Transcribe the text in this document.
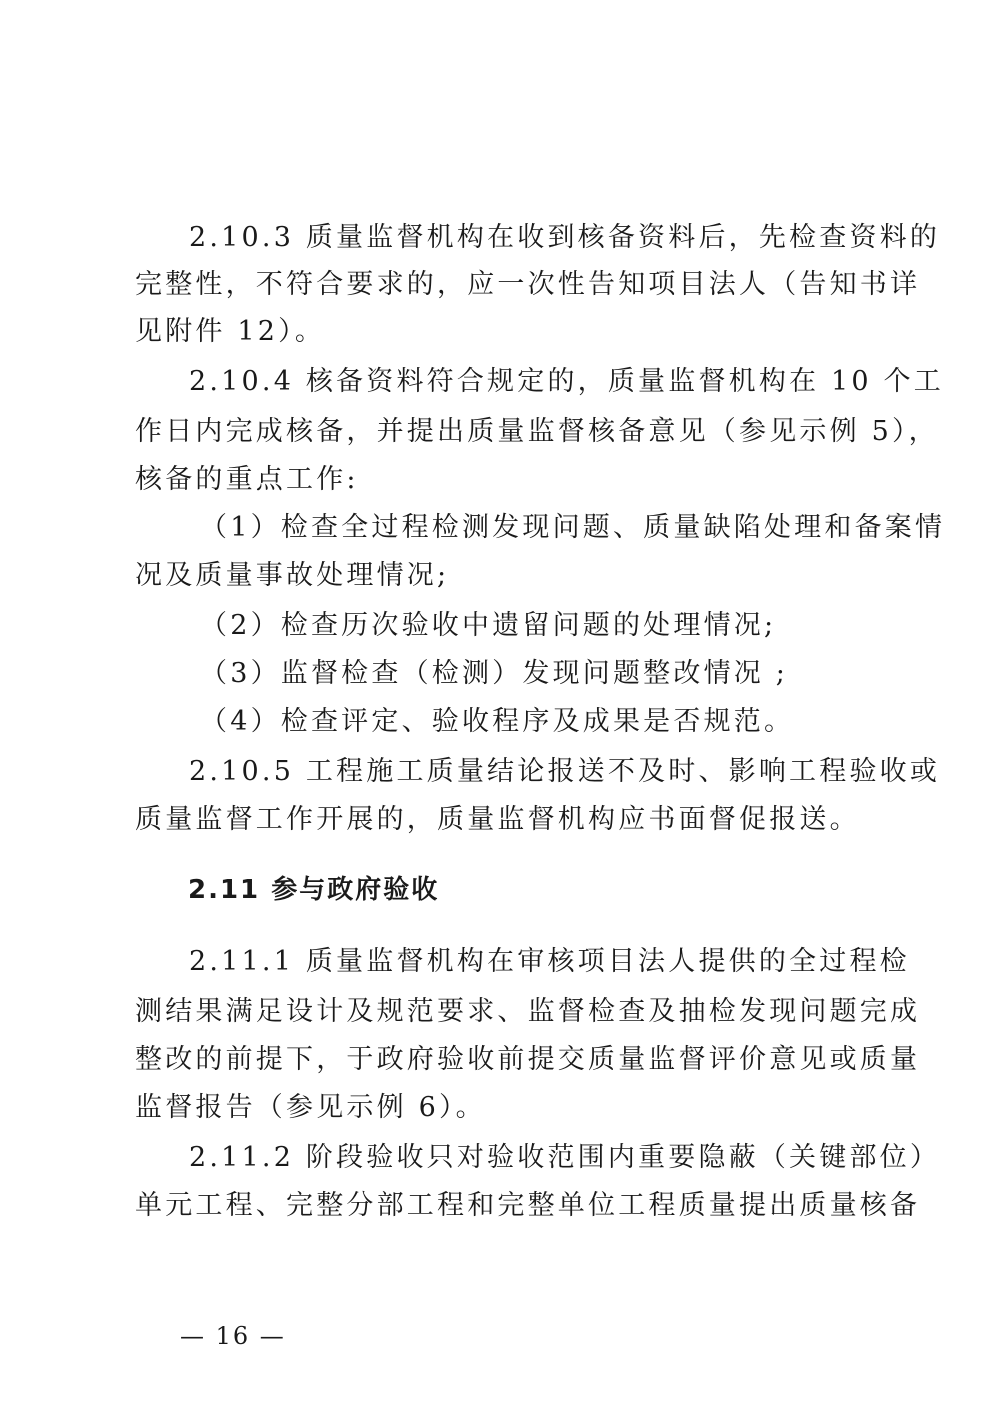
2.10.3 质量监督机构在收到核备资料后，先检查资料的
完整性，不符合要求的，应一次性告知项目法人（告知书详
见附件 12）。
2.10.4 核备资料符合规定的，质量监督机构在 10 个工
作日内完成核备，并提出质量监督核备意见（参见示例 5），
核备的重点工作:
（1）检查全过程检测发现问题、质量缺陷处理和备案情
况及质量事故处理情况;
（2）检查历次验收中遗留问题的处理情况;
（3）监督检查（检测）发现问题整改情况 ;
（4）检查评定、验收程序及成果是否规范。
2.10.5 工程施工质量结论报送不及时、影响工程验收或
质量监督工作开展的，质量监督机构应书面督促报送。
2.11 参与政府验收
2.11.1 质量监督机构在审核项目法人提供的全过程检
测结果满足设计及规范要求、监督检查及抽检发现问题完成
整改的前提下，于政府验收前提交质量监督评价意见或质量
监督报告（参见示例 6）。
2.11.2 阶段验收只对验收范围内重要隐蔽（关键部位）
单元工程、完整分部工程和完整单位工程质量提出质量核备
— 16 —
